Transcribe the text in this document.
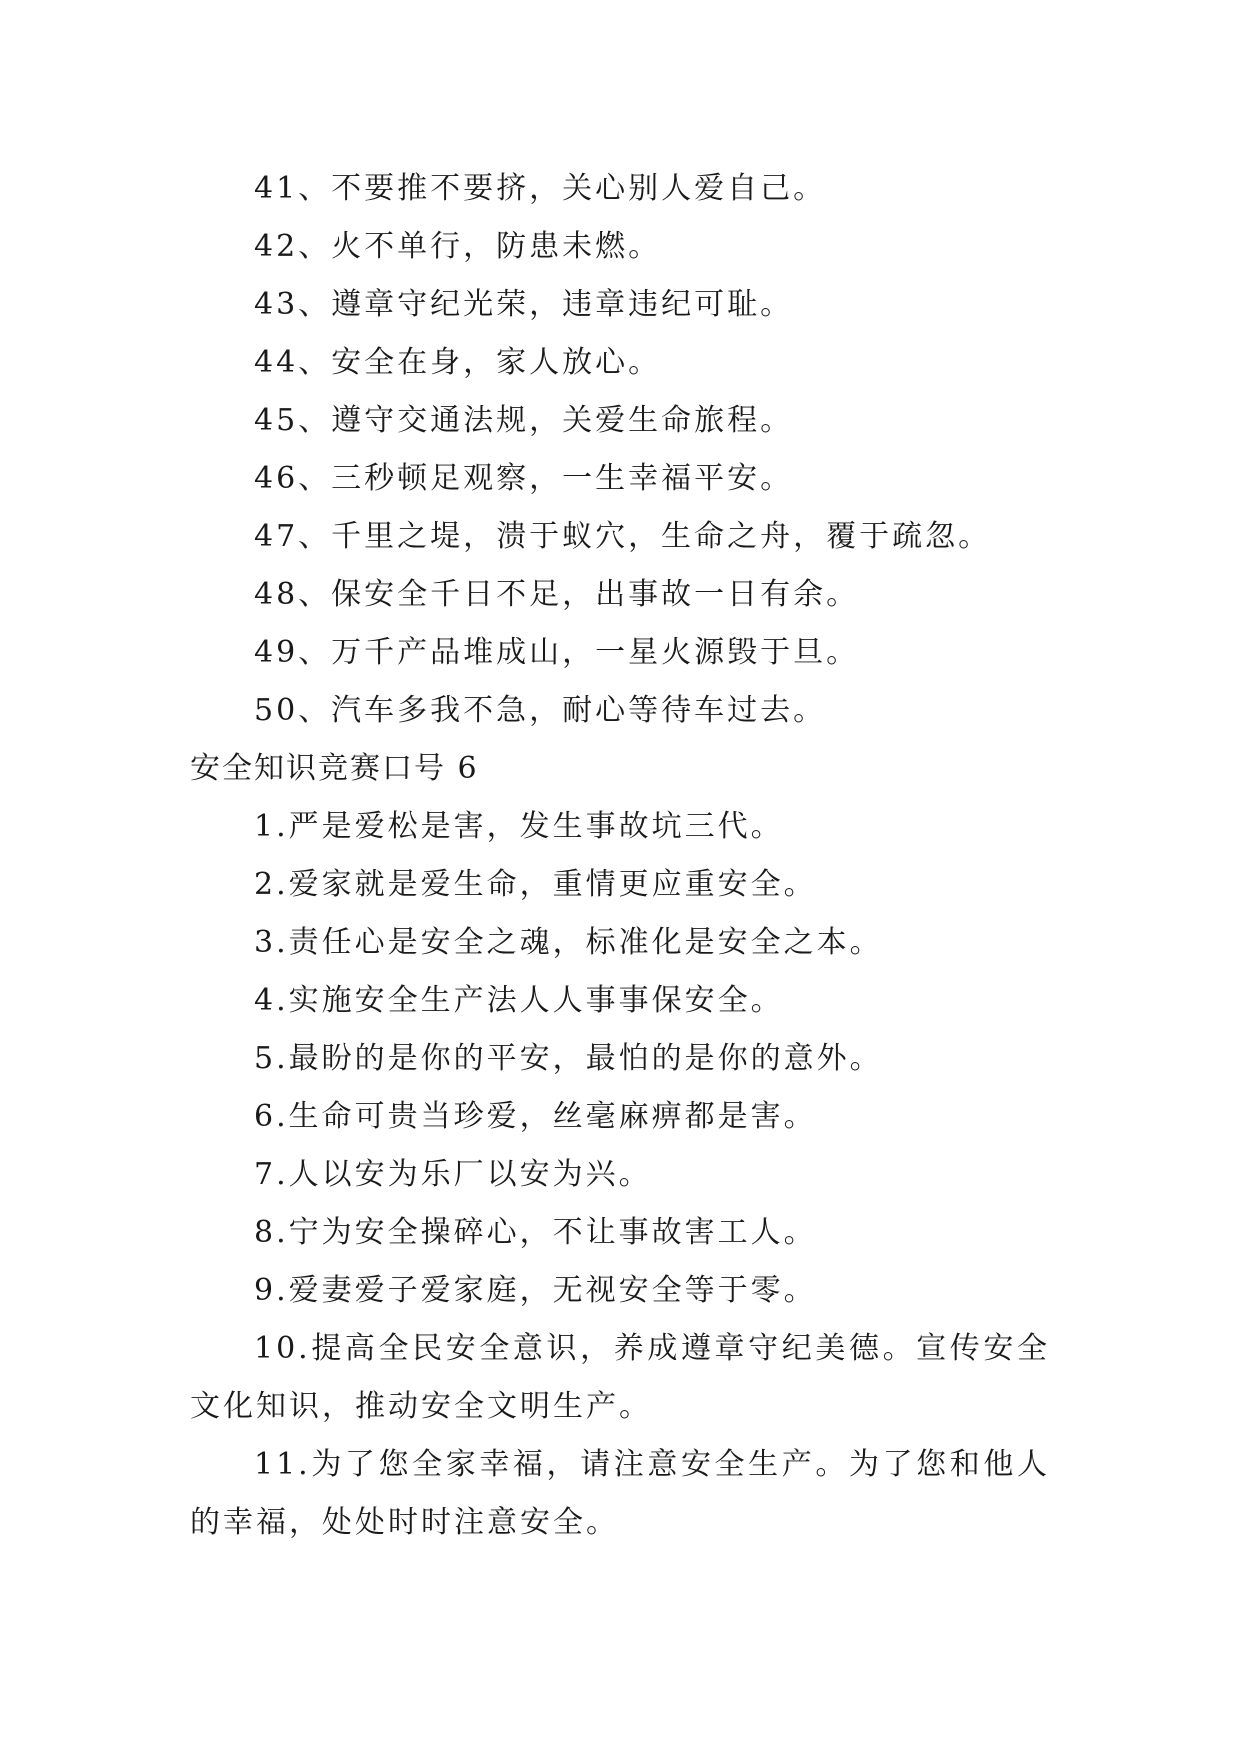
41、不要推不要挤，关心别人爱自己。
42、火不单行，防患未燃。
43、遵章守纪光荣，违章违纪可耻。
44、安全在身，家人放心。
45、遵守交通法规，关爱生命旅程。
46、三秒顿足观察，一生幸福平安。
47、千里之堤，溃于蚁穴，生命之舟，覆于疏忽。
48、保安全千日不足，出事故一日有余。
49、万千产品堆成山，一星火源毁于旦。
50、汽车多我不急，耐心等待车过去。
安全知识竞赛口号 6
1.严是爱松是害，发生事故坑三代。
2.爱家就是爱生命，重情更应重安全。
3.责任心是安全之魂，标准化是安全之本。
4.实施安全生产法人人事事保安全。
5.最盼的是你的平安，最怕的是你的意外。
6.生命可贵当珍爱，丝毫麻痹都是害。
7.人以安为乐厂以安为兴。
8.宁为安全操碎心，不让事故害工人。
9.爱妻爱子爱家庭，无视安全等于零。
10.提高全民安全意识，养成遵章守纪美德。宣传安全文化知识，推动安全文明生产。
11.为了您全家幸福，请注意安全生产。为了您和他人的幸福，处处时时注意安全。
